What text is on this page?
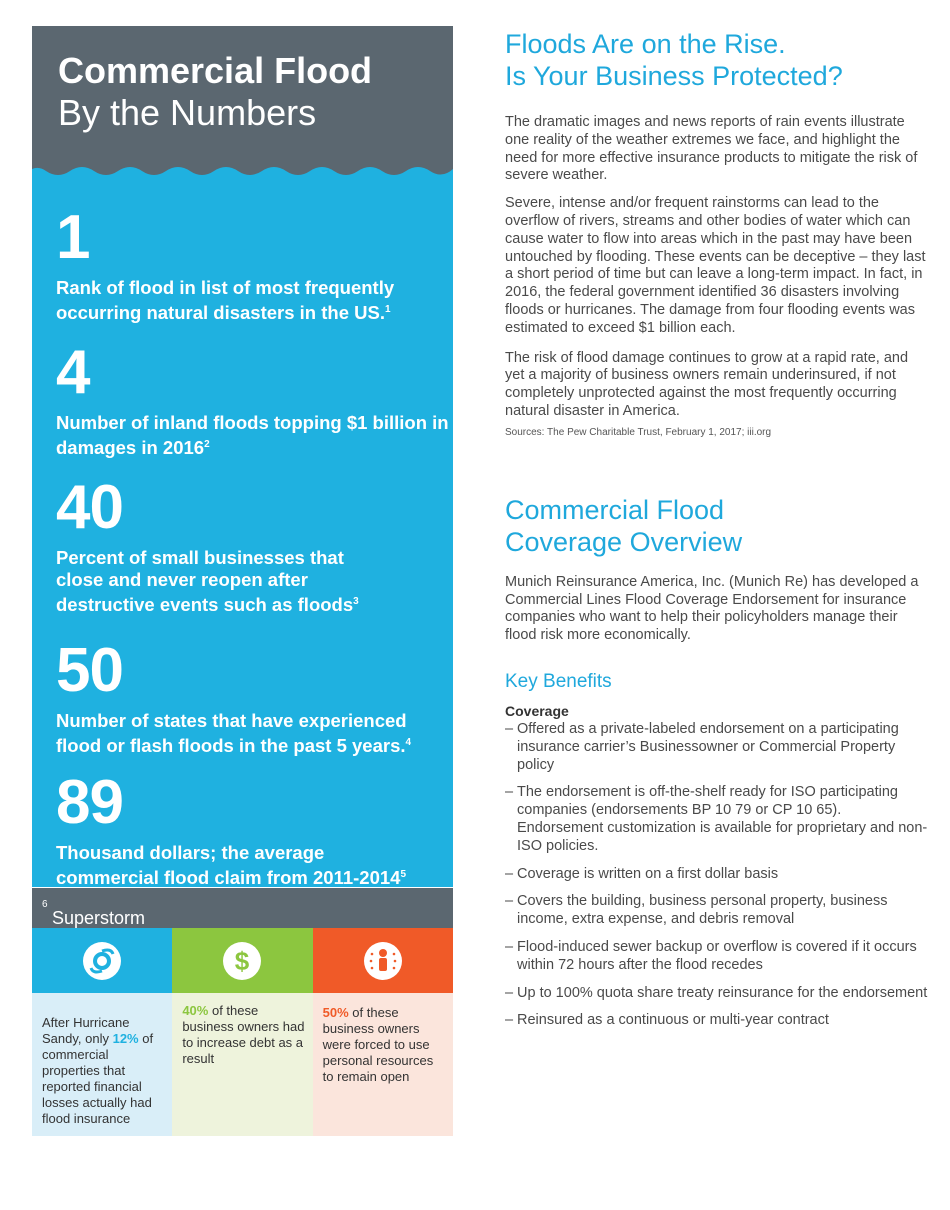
Commercial Flood
By the Numbers
1
Rank of flood in list of most frequently occurring natural disasters in the US.$^1$
4
Number of inland floods topping $1 billion in damages in 2016$^2$
40
Percent of small businesses that close and never reopen after destructive events such as floods$^3$
50
Number of states that have experienced flood or flash floods in the past 5 years.$^4$
89
Thousand dollars; the average commercial flood claim from 2011-2014$^5$
Superstorm
$^6$
After Hurricane Sandy, only 12% of commercial properties that reported financial losses actually had flood insurance
$
40% of these business owners had to increase debt as a result
50% of these business owners were forced to use personal resources to remain open
Floods Are on the Rise.
Is Your Business Protected?

The dramatic images and news reports of rain events illustrate one reality of the weather extremes we face, and highlight the need for more effective insurance products to mitigate the risk of severe weather.

Severe, intense and/or frequent rainstorms can lead to the overflow of rivers, streams and other bodies of water which can cause water to flow into areas which in the past may have been untouched by flooding. These events can be deceptive – they last a short period of time but can leave a long-term impact. In fact, in 2016, the federal government identified 36 disasters involving floods or hurricanes. The damage from four flooding events was estimated to exceed $1 billion each.

The risk of flood damage continues to grow at a rapid rate, and yet a majority of business owners remain underinsured, if not completely unprotected against the most frequently occurring natural disaster in America.

Sources: The Pew Charitable Trust, February 1, 2017; iii.org
Commercial Flood
Coverage Overview

Munich Reinsurance America, Inc. (Munich Re) has developed a Commercial Lines Flood Coverage Endorsement for insurance companies who want to help their policyholders manage their flood risk more economically.

Key Benefits
Coverage
– Offered as a private-labeled endorsement on a participating insurance carrier’s Businessowner or Commercial Property policy
– The endorsement is off-the-shelf ready for ISO participating companies (endorsements BP 10 79 or CP 10 65). Endorsement customization is available for proprietary and non-ISO policies.
– Coverage is written on a first dollar basis
– Covers the building, business personal property, business income, extra expense, and debris removal
– Flood-induced sewer backup or overflow is covered if it occurs within 72 hours after the flood recedes
– Up to 100% quota share treaty reinsurance for the endorsement
– Reinsured as a continuous or multi-year contract
